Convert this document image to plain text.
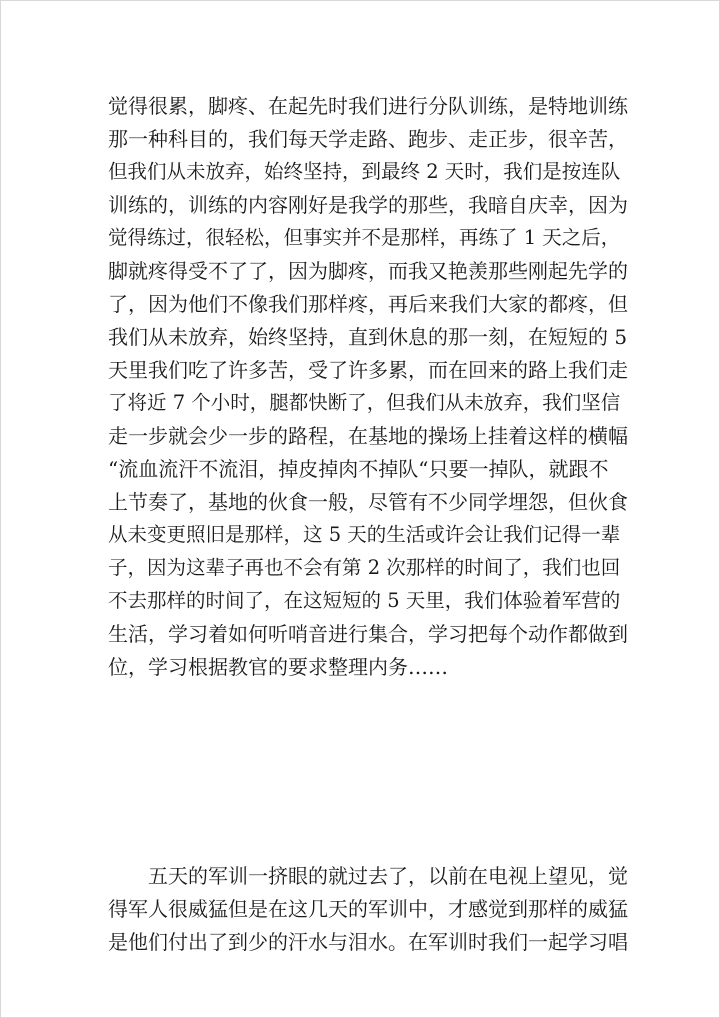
觉得很累，脚疼、在起先时我们进行分队训练，是特地训练
那一种科目的，我们每天学走路、跑步、走正步，很辛苦，
但我们从未放弃，始终坚持，到最终 2 天时，我们是按连队
训练的，训练的内容刚好是我学的那些，我暗自庆幸，因为
觉得练过，很轻松，但事实并不是那样，再练了 1 天之后，
脚就疼得受不了了，因为脚疼，而我又艳羡那些刚起先学的
了，因为他们不像我们那样疼，再后来我们大家的都疼，但
我们从未放弃，始终坚持，直到休息的那一刻，在短短的 5
天里我们吃了许多苦，受了许多累，而在回来的路上我们走
了将近 7 个小时，腿都快断了，但我们从未放弃，我们坚信
走一步就会少一步的路程，在基地的操场上挂着这样的横幅
“流血流汗不流泪，掉皮掉肉不掉队“只要一掉队，就跟不
上节奏了，基地的伙食一般，尽管有不少同学埋怨，但伙食
从未变更照旧是那样，这 5 天的生活或许会让我们记得一辈
子，因为这辈子再也不会有第 2 次那样的时间了，我们也回
不去那样的时间了，在这短短的 5 天里，我们体验着军营的
生活，学习着如何听哨音进行集合，学习把每个动作都做到
位，学习根据教官的要求整理内务……
五天的军训一挤眼的就过去了，以前在电视上望见，觉
得军人很威猛但是在这几天的军训中，才感觉到那样的威猛
是他们付出了到少的汗水与泪水。在军训时我们一起学习唱
